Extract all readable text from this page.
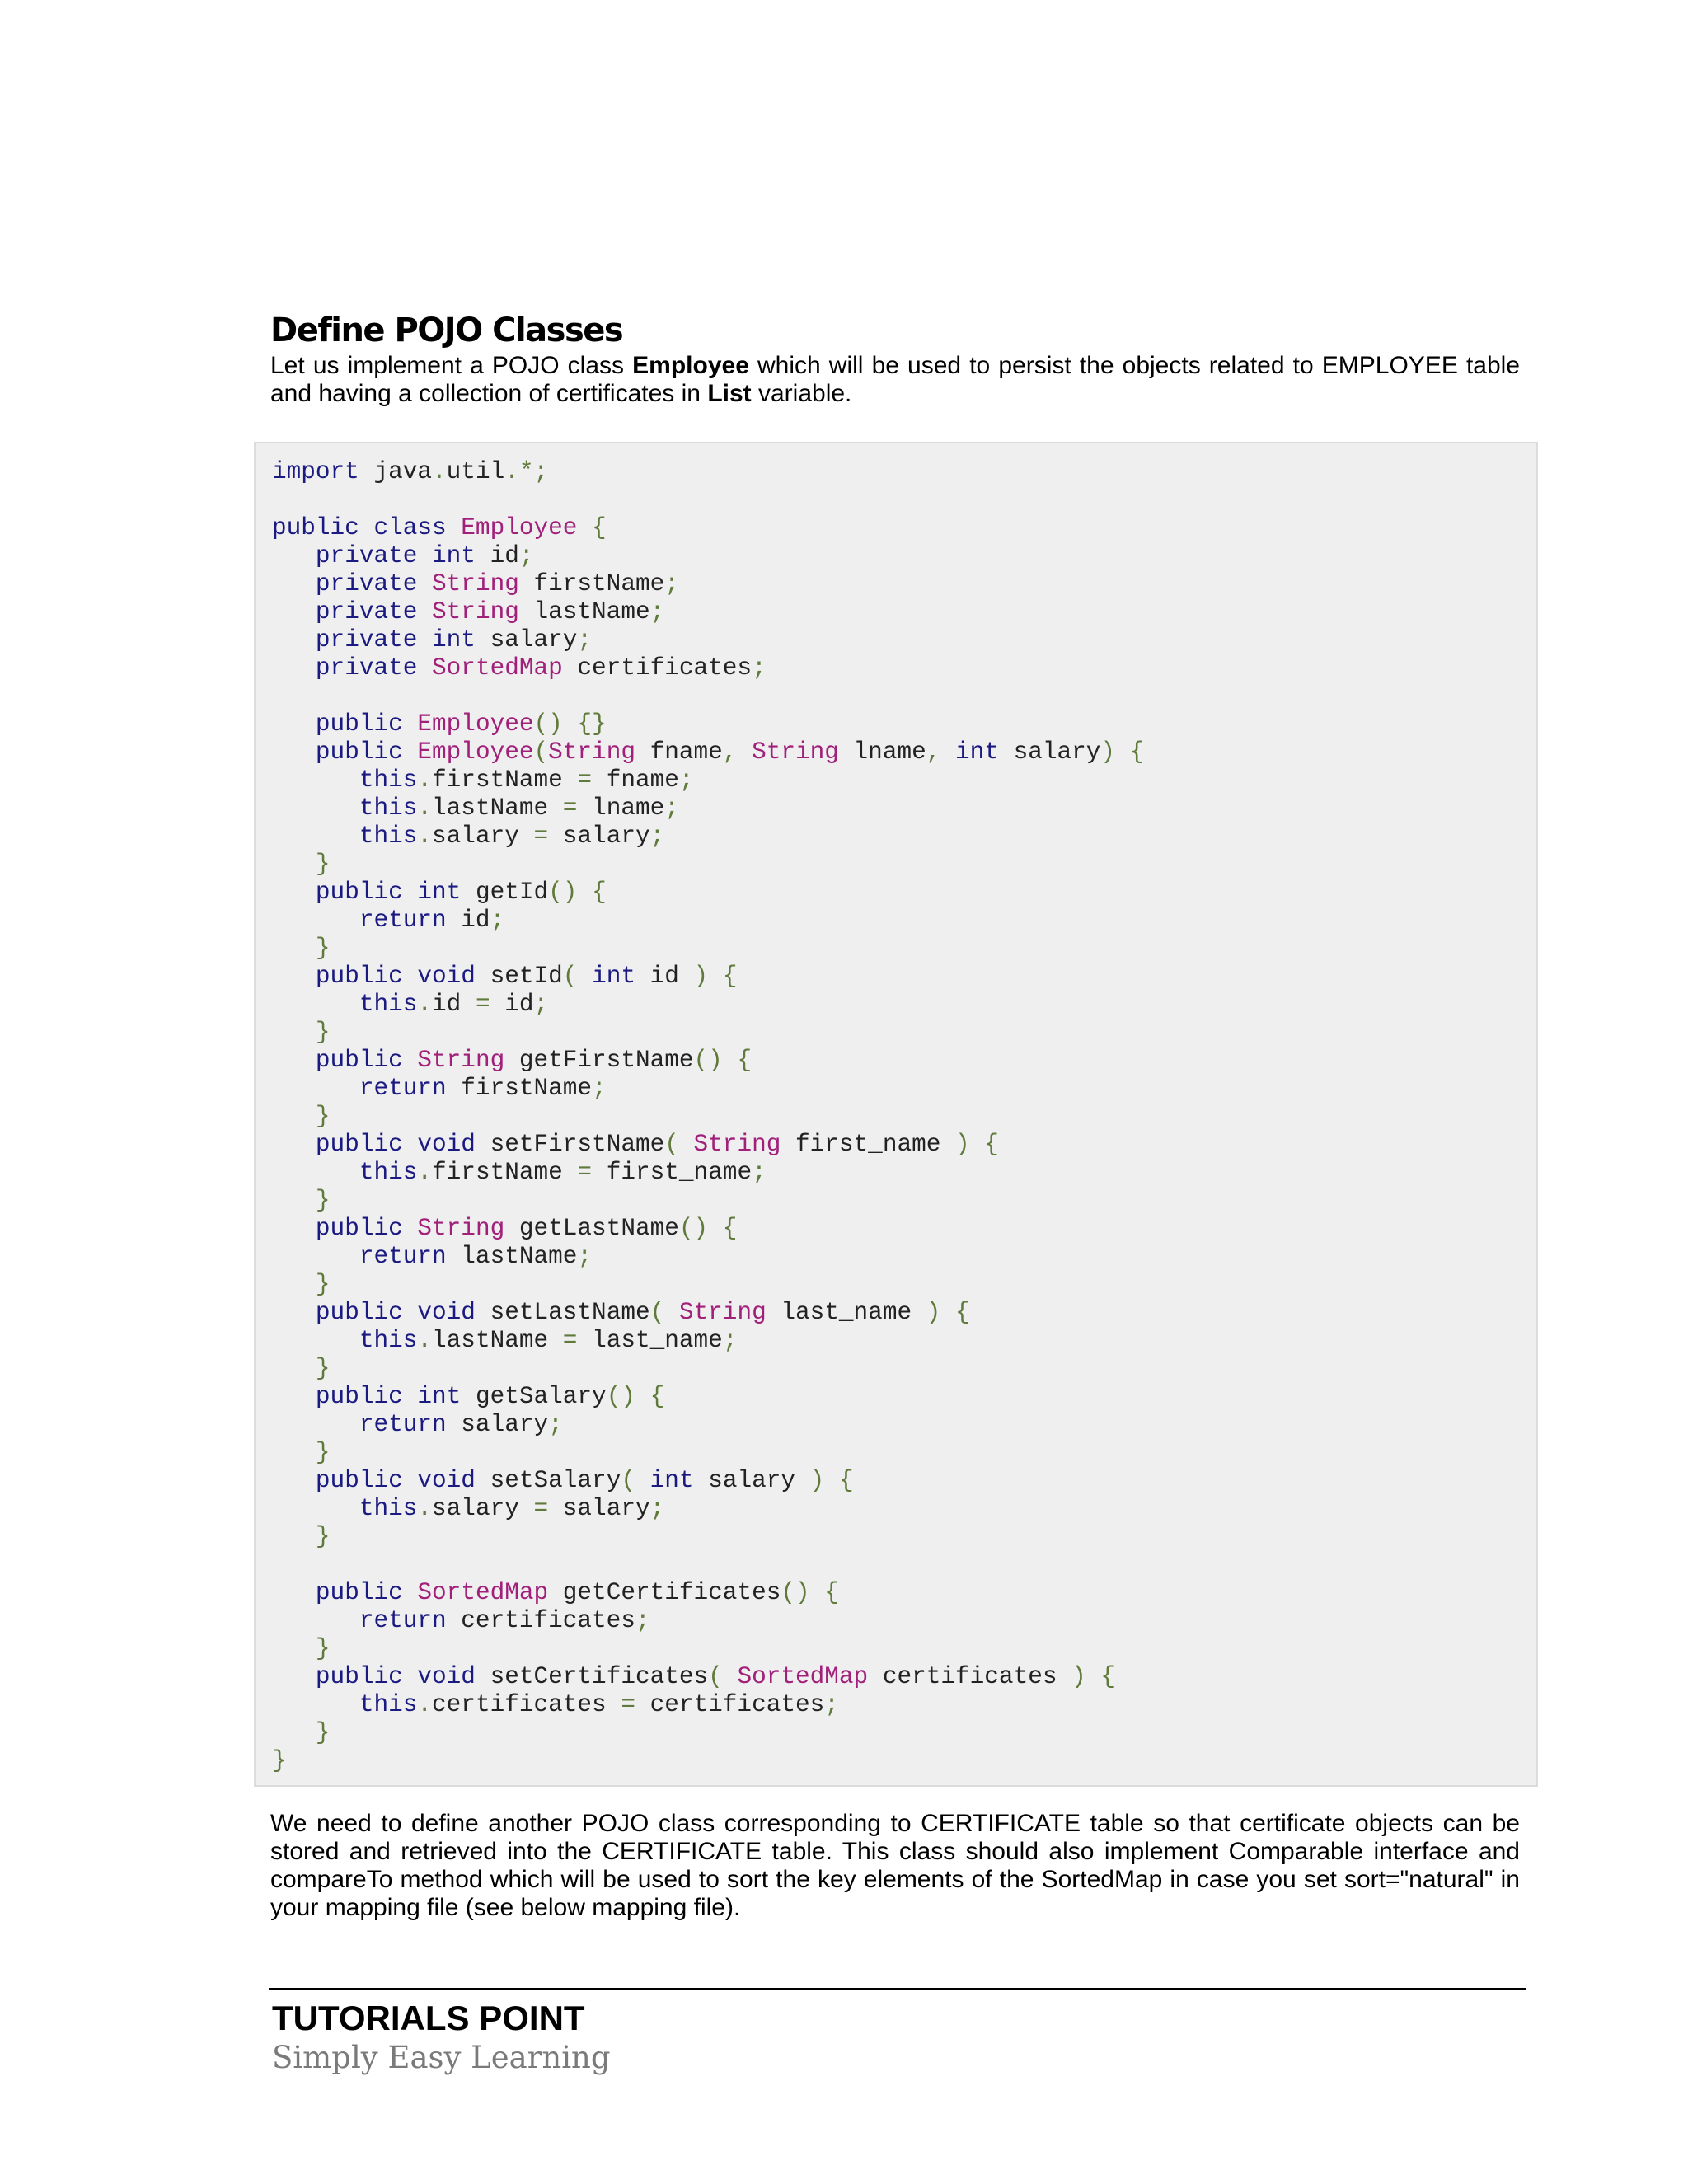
Define POJO Classes

Let us implement a POJO class Employee which will be used to persist the objects related to EMPLOYEE table and having a collection of certificates in List variable.

import java.util.*;

public class Employee {
private int id;
private String firstName;
private String lastName;
private int salary;
private SortedMap certificates;

public Employee() {}
public Employee(String fname, String lname, int salary) {
this.firstName = fname;
this.lastName = lname;
this.salary = salary;
}
public int getId() {
return id;
}
public void setId( int id ) {
this.id = id;
}
public String getFirstName() {
return firstName;
}
public void setFirstName( String first_name ) {
this.firstName = first_name;
}
public String getLastName() {
return lastName;
}
public void setLastName( String last_name ) {
this.lastName = last_name;
}
public int getSalary() {
return salary;
}
public void setSalary( int salary ) {
this.salary = salary;
}

public SortedMap getCertificates() {
return certificates;
}
public void setCertificates( SortedMap certificates ) {
this.certificates = certificates;
}
}

We need to define another POJO class corresponding to CERTIFICATE table so that certificate objects can be stored and retrieved into the CERTIFICATE table. This class should also implement Comparable interface and compareTo method which will be used to sort the key elements of the SortedMap in case you set sort="natural" in your mapping file (see below mapping file).

TUTORIALS POINT
Simply Easy Learning
